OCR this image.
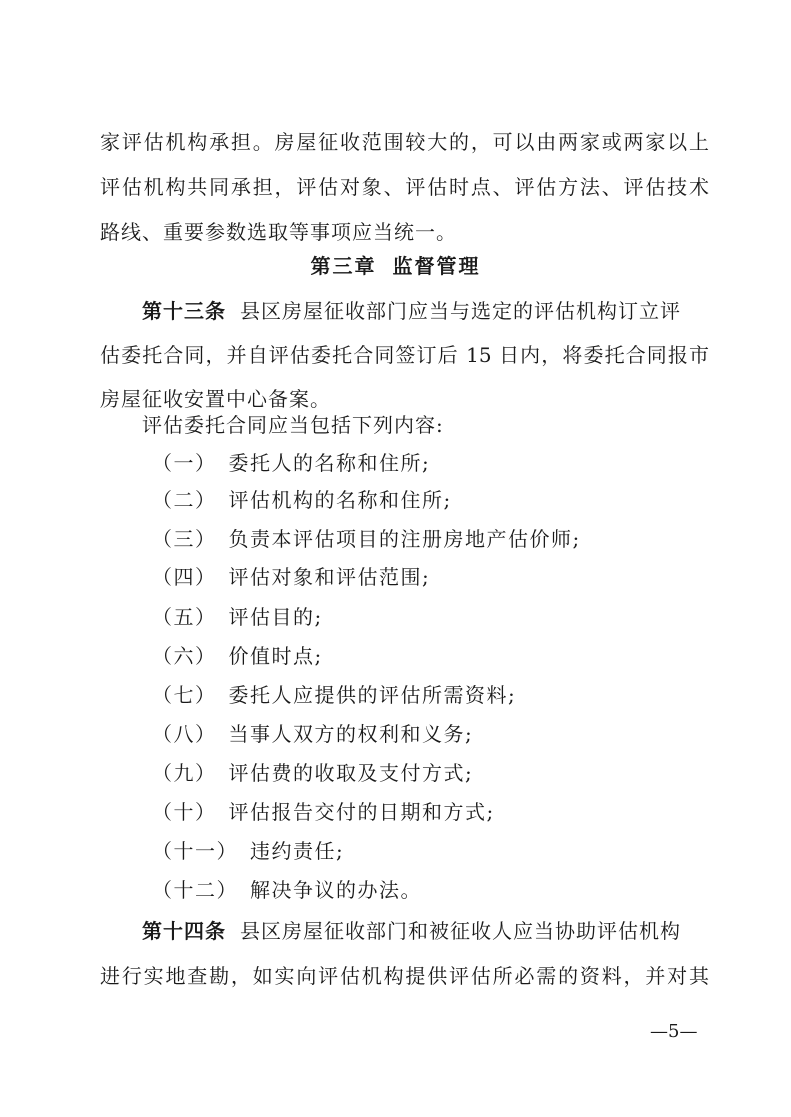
家评估机构承担。房屋征收范围较大的，可以由两家或两家以上
评估机构共同承担，评估对象、评估时点、评估方法、评估技术
路线、重要参数选取等事项应当统一。
第三章 监督管理
第十三条 县区房屋征收部门应当与选定的评估机构订立评
估委托合同，并自评估委托合同签订后 15 日内，将委托合同报市
房屋征收安置中心备案。
评估委托合同应当包括下列内容:
（一） 委托人的名称和住所;
（二） 评估机构的名称和住所;
（三） 负责本评估项目的注册房地产估价师;
（四） 评估对象和评估范围;
（五） 评估目的;
（六） 价值时点;
（七） 委托人应提供的评估所需资料;
（八） 当事人双方的权利和义务;
（九） 评估费的收取及支付方式;
（十） 评估报告交付的日期和方式;
（十一） 违约责任;
（十二） 解决争议的办法。
第十四条 县区房屋征收部门和被征收人应当协助评估机构
进行实地查勘，如实向评估机构提供评估所必需的资料，并对其
—5—
